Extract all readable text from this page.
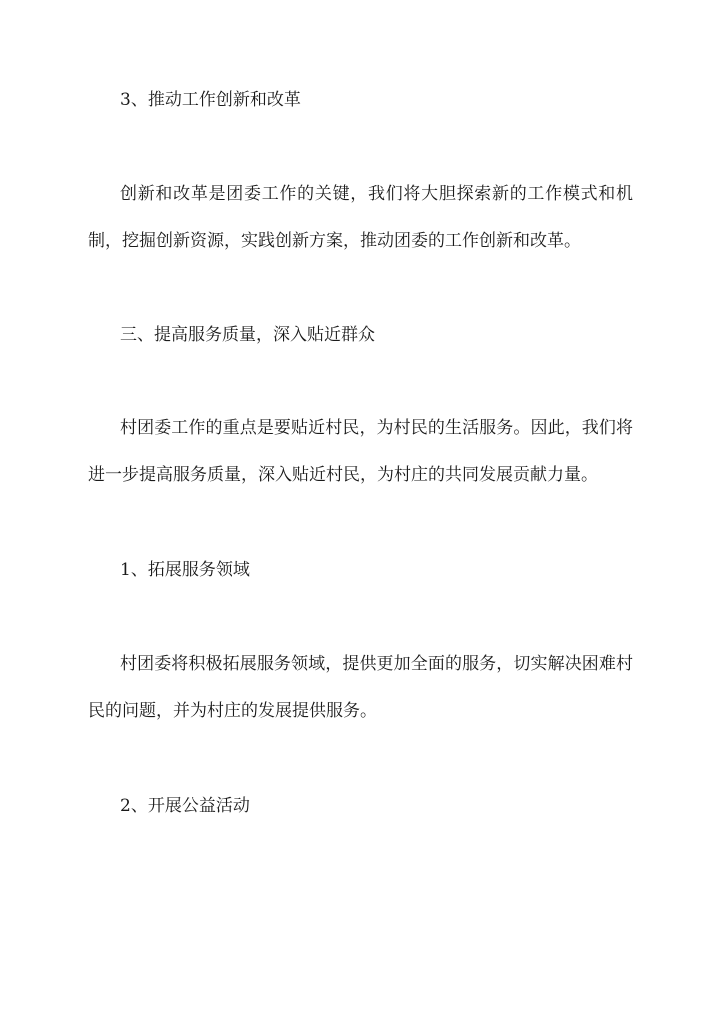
3、推动工作创新和改革

创新和改革是团委工作的关键，我们将大胆探索新的工作模式和机制，挖掘创新资源，实践创新方案，推动团委的工作创新和改革。

三、提高服务质量，深入贴近群众

村团委工作的重点是要贴近村民，为村民的生活服务。因此，我们将进一步提高服务质量，深入贴近村民，为村庄的共同发展贡献力量。

1、拓展服务领域

村团委将积极拓展服务领域，提供更加全面的服务，切实解决困难村民的问题，并为村庄的发展提供服务。

2、开展公益活动
